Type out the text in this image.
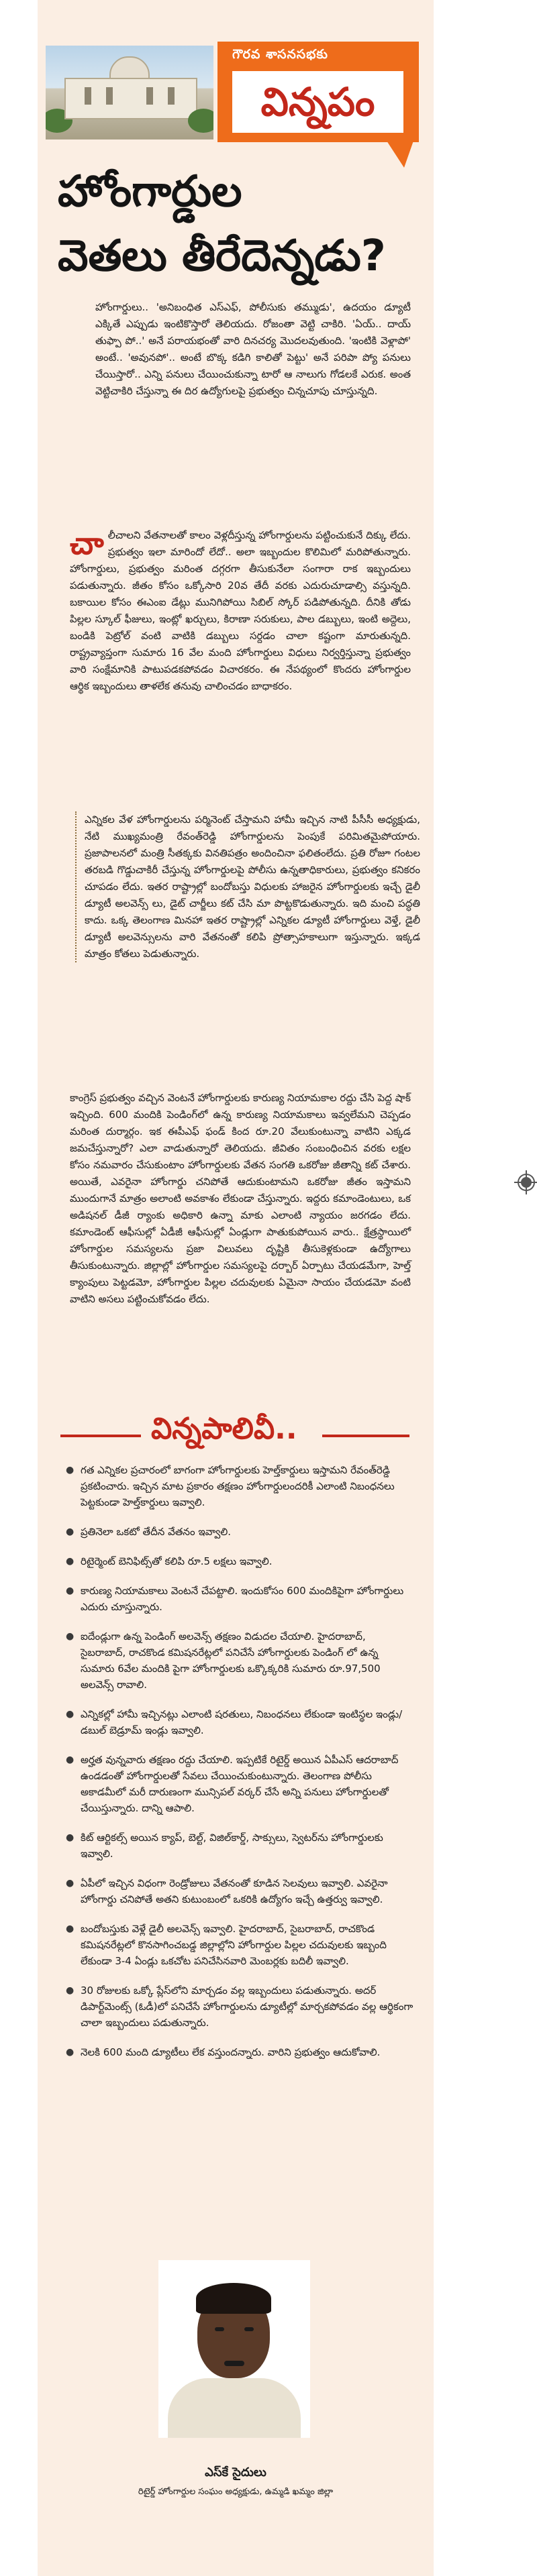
గౌరవ శాసనసభకు
విన్నపం
హోంగార్డుల
వెతలు తీరేదెన్నడు?
హోంగార్డులు.. 'అనిబంధిత ఎస్ఎఫ్, పోలీసుకు తమ్ముడు', ఉదయం డ్యూటీ ఎక్కితే ఎప్పుడు ఇంటికొస్తారో తెలియదు. రోజంతా వెట్టి చాకిరి. 'ఏయ్.. దాయ్ తుఫ్పా పో..' అనే పరాయభంతో వారి దినచర్య మొదలవుతుంది. 'ఇంటికి వెళ్లాపో' అంటే.. 'అవునపో'.. అంటే బొక్క కడిగి కాలితో పెట్టు' అనే పరిపా ప్యో పనులు చేయిస్తారో.. ఎన్ని పనులు చేయించుకున్నా టారో ఆ నాలుగు గోడలకే ఎరుక. అంత వెట్టిచాకిరి చేస్తున్నా ఈ దిర ఉద్యోగులపై ప్రభుత్వం చిన్నచూపు చూస్తున్నది.
చా లీచాలని వేతనాలతో కాలం వెళ్లదీస్తున్న హోంగార్డులను పట్టించుకునే దిక్కు లేదు. ప్రభుత్వం ఇలా మారిందో లేదో.. అలా ఇబ్బందుల కొలిమిలో మరిపోతున్నారు. హోంగార్డులు, ప్రభుత్వం మరింత దగ్గరగా తీసుకునేలా సంగారా రాక ఇబ్బందులు పడుతున్నారు. జీతం కోసం ఒక్కోసారి 20వ తేదీ వరకు ఎదురుచూడాల్సి వస్తున్నది. బకాయిల కోసం ఈఎంఐ డేట్లు మునిగిపోయి సిబిల్ స్కోర్ పడిపోతున్నది. దీనికి తోడు పిల్లల స్కూల్ ఫీజులు, ఇంట్లో ఖర్చులు, కిరాణా సరుకులు, పాల డబ్బులు, ఇంటి అద్దెలు, బండికి పెట్రోల్ వంటి వాటికి డబ్బులు సర్దడం చాలా కష్టంగా మారుతున్నది. రాష్ట్రవ్యాప్తంగా సుమారు 16 వేల మంది హోంగార్డులు విధులు నిర్వర్తిస్తున్నా ప్రభుత్వం వారి సంక్షేమానికి పాటుపడకపోవడం విచారకరం. ఈ నేపథ్యంలో కొందరు హోంగార్డుల ఆర్థిక ఇబ్బందులు తాళలేక తనువు చాలించడం బాధాకరం.
ఎన్నికల వేళ హోంగార్డులను పర్మినెంట్ చేస్తామని హామీ ఇచ్చిన నాటి పీసీసీ అధ్యక్షుడు, నేటి ముఖ్యమంత్రి రేవంత్‌రెడ్డి హోంగార్డులను పెంపుకే పరిమితమైపోయారు. ప్రజాపాలనలో మంత్రి సీతక్కకు వినతిపత్రం అందించినా ఫలితంలేదు. ప్రతి రోజూ గంటల తరబడి గొడ్డుచాకిరీ చేస్తున్న హోంగార్డులపై పోలీసు ఉన్నతాధికారులు, ప్రభుత్వం కనికరం చూపడం లేదు. ఇతర రాష్ట్రాల్లో బందోబస్తు విధులకు హాజరైన హోంగార్డులకు ఇచ్చే డైలీ డ్యూటీ అలవెన్స్ లు, డైట్ చార్జీలు కట్ చేసి మా పొట్టకొడుతున్నారు. ఇది మంచి పద్ధతి కాదు. ఒక్క తెలంగాణ మినహా ఇతర రాష్ట్రాల్లో ఎన్నికల డ్యూటీ హోంగార్డులు వెళ్తే, డైలీ డ్యూటీ అలవెన్సులను వారి వేతనంతో కలిపి ప్రోత్సాహకాలుగా ఇస్తున్నారు. ఇక్కడ మాత్రం కోతలు పెడుతున్నారు.
కాంగ్రెస్ ప్రభుత్వం వచ్చిన వెంటనే హోంగార్డులకు కారుణ్య నియామకాల రద్దు చేసి పెద్ద షాక్ ఇచ్చింది. 600 మందికి పెండింగ్‌లో ఉన్న కారుణ్య నియామకాలు ఇవ్వలేమని చెప్పడం మరింత దుర్మార్గం. ఇక ఈపీఎఫ్ ఫండ్ కింద రూ.20 వేలుకుంటున్నా వాటిని ఎక్కడ జమచేస్తున్నారో? ఎలా వాడుతున్నారో తెలియదు. జీవితం సంబంధించిన వరకు లక్షల కోసం నమవారం చేసుకుంటాం హోంగార్డులకు వేతన సంగతి ఒకరోజు జీతాన్ని కట్ చేశారు. అయితే, ఎవరైనా హోంగార్డు చనిపోతే ఆదుకుంటామని ఒకరోజు జీతం ఇస్తామని ముందుగానే మాత్రం అలాంటి అవకాశం లేకుండా చేస్తున్నారు. ఇద్దరు కమాండెంటులు, ఒక అడిషనల్ డీజీ ర్యాంకు అధికారి ఉన్నా మాకు ఎలాంటి న్యాయం జరగడం లేదు. కమాండెంట్ ఆఫీసుల్లో ఏడీజీ ఆఫీసుల్లో ఏండ్లుగా పాతుకుపోయిన వారు.. క్షేత్రస్థాయిలో హోంగార్డుల సమస్యలను ప్రజా విలువలు దృష్టికి తీసుకెళ్లకుండా ఉద్యోగాలు తీసుకుంటున్నారు. జిల్లాల్లో హోంగార్డుల సమస్యలపై దర్బార్ ఏర్పాటు చేయడమేగా, హెల్త్ క్యాంపులు పెట్టడమో, హోంగార్డుల పిల్లల చదువులకు ఏమైనా సాయం చేయడమో వంటి వాటిని అసలు పట్టించుకోవడం లేదు.
విన్నపాలివీ..
● గత ఎన్నికల ప్రచారంలో బాగంగా హోంగార్డులకు హెల్త్‌కార్డులు ఇస్తామని రేవంత్‌రెడ్డి ప్రకటించారు. ఇచ్చిన మాట ప్రకారం తక్షణం హోంగార్డులందరికీ ఎలాంటి నిబంధనలు పెట్టకుండా హెల్త్‌కార్డులు ఇవ్వాలి.
● ప్రతినెలా ఒకటో తేదీన వేతనం ఇవ్వాలి.
● రిటైర్మెంట్ బెనిఫిట్స్‌తో కలిపి రూ.5 లక్షలు ఇవ్వాలి.
● కారుణ్య నియామకాలు వెంటనే చేపట్టాలి. ఇందుకోసం 600 మందికిపైగా హోంగార్డులు ఎదురు చూస్తున్నారు.
● ఐదేండ్లుగా ఉన్న పెండింగ్ అలవెన్స్ తక్షణం విడుదల చేయాలి. హైదరాబాద్, సైబరాబాద్, రాచకొండ కమిషనరేట్లలో పనిచేసే హోంగార్డులకు పెండింగ్ లో ఉన్న సుమారు 6వేల మందికి పైగా హోంగార్డులకు ఒక్కొక్కరికి సుమారు రూ.97,500 అలవెన్స్ రావాలి.
● ఎన్నికల్లో హామీ ఇచ్చినట్లు ఎలాంటి షరతులు, నిబంధనలు లేకుండా ఇంటిస్థల ఇండ్లు/డబుల్ బెడ్రూమ్ ఇండ్లు ఇవ్వాలి.
● అర్హత వున్నవారు తక్షణం రద్దు చేయాలి. ఇప్పటికే రిటైర్డ్ అయిన ఏపీఎస్ ఆదరాబాద్ ఉండడంతో హోంగార్డులతో సేవలు చేయించుకుంటున్నారు. తెలంగాణ పోలీసు అకాడమీలో మరీ దారుణంగా మున్సిపల్ వర్కర్ చేసే అన్ని పనులు హోంగార్డులతో చేయిస్తున్నారు. దాన్ని ఆపాలి.
● కిట్ ఆర్టికల్స్ అయిన క్యాప్, బెల్ట్, విజిల్‌కార్డ్, సాక్సులు, స్వెటర్‌ను హోంగార్డులకు ఇవ్వాలి.
● ఏపీలో ఇచ్చిన విధంగా రెండ్రోజులు వేతనంతో కూడిన సెలవులు ఇవ్వాలి. ఎవరైనా హోంగార్డు చనిపోతే అతని కుటుంబంలో ఒకరికి ఉద్యోగం ఇచ్చే ఉత్తర్వు ఇవ్వాలి.
● బందోబస్తుకు వెళ్లే డైలీ అలవెన్స్ ఇవ్వాలి. హైదరాబాద్, సైబరాబాద్, రాచకొండ కమిషనరేట్లలో కొనసాగించబడ్డ జిల్లాల్లోని హోంగార్డుల పిల్లల చదువులకు ఇబ్బంది లేకుండా 3-4 ఏండ్లు ఒకచోట పనిచేసినవారి మెంబర్లకు బదిలీ ఇవ్వాలి.
● 30 రోజులకు ఒక్కో ప్లేస్‌లోని మార్చడం వల్ల ఇబ్బందులు పడుతున్నారు. అదర్ డిపార్ట్‌మెంట్స్ (ఓడీ)లో పనిచేసే హోంగార్డులను డ్యూటీల్లో మార్చకపోవడం వల్ల ఆర్థికంగా చాలా ఇబ్బందులు పడుతున్నారు.
● నెలకి 600 మంది డ్యూటీలు లేక వస్తుందన్నారు. వారిని ప్రభుత్వం ఆదుకోవాలి.
ఎస్‌కే సైదులు
రిటైర్డ్ హోంగార్డుల సంఘం అధ్యక్షుడు, ఉమ్మడి ఖమ్మం జిల్లా
